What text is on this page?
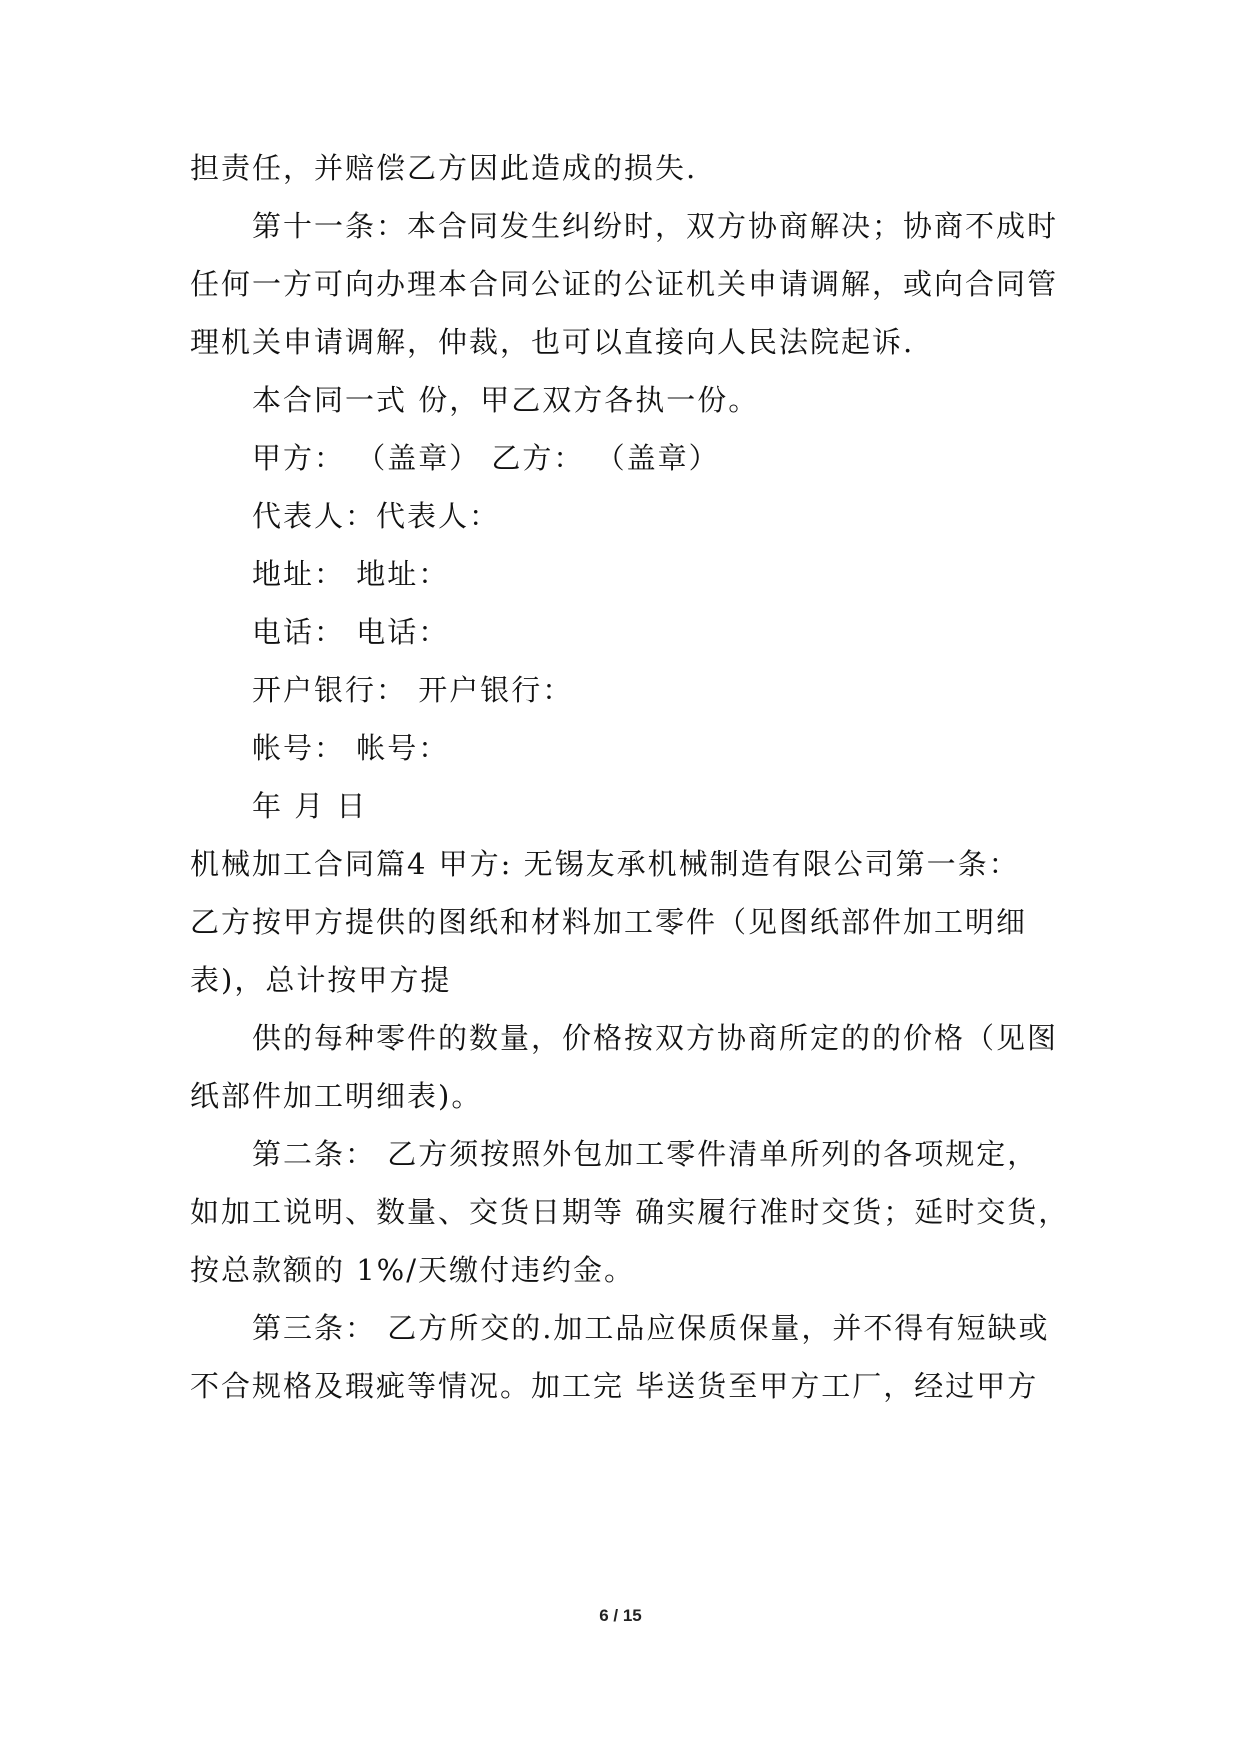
担责任，并赔偿乙方因此造成的损失.
第十一条：本合同发生纠纷时，双方协商解决；协商不成时
任何一方可向办理本合同公证的公证机关申请调解，或向合同管
理机关申请调解，仲裁，也可以直接向人民法院起诉.
本合同一式 份，甲乙双方各执一份。
甲方： （盖章） 乙方： （盖章）
代表人：代表人：
地址： 地址：
电话： 电话：
开户银行： 开户银行：
帐号： 帐号：
年 月 日
机械加工合同篇4 甲方: 无锡友承机械制造有限公司第一条：
乙方按甲方提供的图纸和材料加工零件（见图纸部件加工明细
表)，总计按甲方提
供的每种零件的数量，价格按双方协商所定的的价格（见图
纸部件加工明细表)。
第二条： 乙方须按照外包加工零件清单所列的各项规定，
如加工说明、数量、交货日期等 确实履行准时交货；延时交货，
按总款额的 1%/天缴付违约金。
第三条： 乙方所交的.加工品应保质保量，并不得有短缺或
不合规格及瑕疵等情况。加工完 毕送货至甲方工厂，经过甲方
6 / 15
